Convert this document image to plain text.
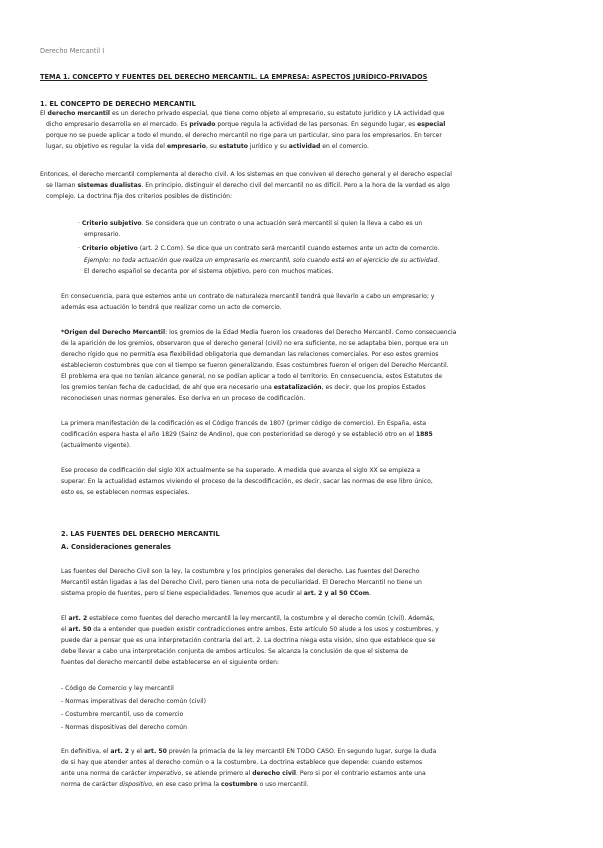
Derecho Mercantil I
TEMA 1. CONCEPTO Y FUENTES DEL DERECHO MERCANTIL. LA EMPRESA: ASPECTOS JURÍDICO-PRIVADOS
1. EL CONCEPTO DE DERECHO MERCANTIL
El derecho mercantil es un derecho privado especial, que tiene como objeto al empresario, su estatuto jurídico y LA actividad que
dicho empresario desarrolla en el mercado. Es privado porque regula la actividad de las personas. En segundo lugar, es especial
porque no se puede aplicar a todo el mundo, el derecho mercantil no rige para un particular, sino para los empresarios. En tercer
lugar, su objetivo es regular la vida del empresario, su estatuto jurídico y su actividad en el comercio.
Entonces, el derecho mercantil complementa al derecho civil. A los sistemas en que conviven el derecho general y el derecho especial
se llaman sistemas dualistas. En principio, distinguir el derecho civil del mercantil no es difícil. Pero a la hora de la verdad es algo
complejo. La doctrina fija dos criterios posibles de distinción:
· Criterio subjetivo. Se considera que un contrato o una actuación será mercantil si quien la lleva a cabo es un
empresario.
· Criterio objetivo (art. 2 C.Com). Se dice que un contrato será mercantil cuando estemos ante un acto de comercio.
Ejemplo: no toda actuación que realiza un empresario es mercantil, solo cuando está en el ejercicio de su actividad.
El derecho español se decanta por el sistema objetivo, pero con muchos matices.
En consecuencia, para que estemos ante un contrato de naturaleza mercantil tendrá que llevarlo a cabo un empresario; y
además esa actuación lo tendrá que realizar como un acto de comercio.
*Origen del Derecho Mercantil: los gremios de la Edad Media fueron los creadores del Derecho Mercantil. Como consecuencia
de la aparición de los gremios, observaron que el derecho general (civil) no era suficiente, no se adaptaba bien, porque era un
derecho rígido que no permitía esa flexibilidad obligatoria que demandan las relaciones comerciales. Por eso estos gremios
establecieron costumbres que con el tiempo se fueron generalizando. Esas costumbres fueron el origen del Derecho Mercantil.
El problema era que no tenían alcance general, no se podían aplicar a todo el territorio. En consecuencia, estos Estatutos de
los gremios tenían fecha de caducidad, de ahí que era necesario una estatalización, es decir, que los propios Estados
reconociesen unas normas generales. Eso deriva en un proceso de codificación.
La primera manifestación de la codificación es el Código francés de 1807 (primer código de comercio). En España, esta
codificación espera hasta el año 1829 (Sainz de Andino), que con posterioridad se derogó y se estableció otro en el 1885
(actualmente vigente).
Ese proceso de codificación del siglo XIX actualmente se ha superado. A medida que avanza el siglo XX se empieza a
superar. En la actualidad estamos viviendo el proceso de la descodificación, es decir, sacar las normas de ese libro único,
esto es, se establecen normas especiales.
2. LAS FUENTES DEL DERECHO MERCANTIL
A. Consideraciones generales
Las fuentes del Derecho Civil son la ley, la costumbre y los principios generales del derecho. Las fuentes del Derecho
Mercantil están ligadas a las del Derecho Civil, pero tienen una nota de peculiaridad. El Derecho Mercantil no tiene un
sistema propio de fuentes, pero sí tiene especialidades. Tenemos que acudir al art. 2 y al 50 CCom.
El art. 2 establece como fuentes del derecho mercantil la ley mercantil, la costumbre y el derecho común (civil). Además,
el art. 50 da a entender que pueden existir contradicciones entre ambos. Este artículo 50 alude a los usos y costumbres, y
puede dar a pensar que es una interpretación contraria del art. 2. La doctrina niega esta visión, sino que establece que se
debe llevar a cabo una interpretación conjunta de ambos artículos. Se alcanza la conclusión de que el sistema de
fuentes del derecho mercantil debe establecerse en el siguiente orden:
- Código de Comercio y ley mercantil
- Normas imperativas del derecho común (civil)
- Costumbre mercantil, uso de comercio
- Normas dispositivas del derecho común
En definitiva, el art. 2 y el art. 50 prevén la primacía de la ley mercantil EN TODO CASO. En segundo lugar, surge la duda
de si hay que atender antes al derecho común o a la costumbre. La doctrina establece que depende: cuando estemos
ante una norma de carácter imperativo, se atiende primero al derecho civil. Pero si por el contrario estamos ante una
norma de carácter dispositivo, en ese caso prima la costumbre o uso mercantil.
